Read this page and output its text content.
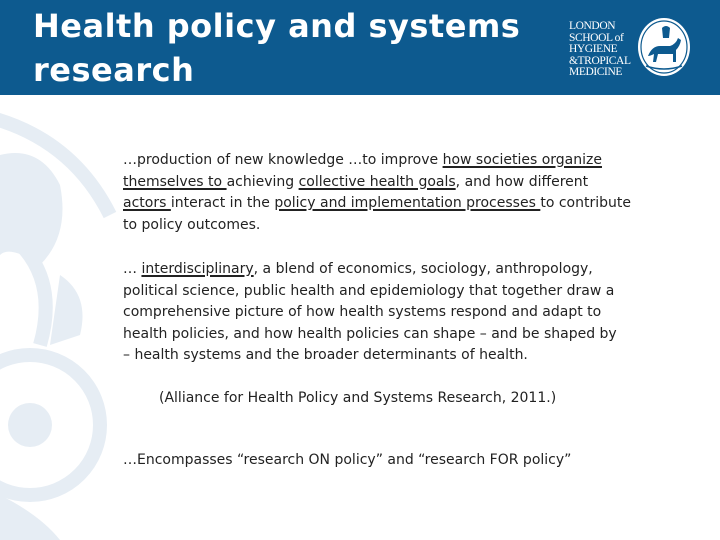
Health policy and systems research
LONDON
SCHOOL of
HYGIENE
&TROPICAL
MEDICINE

…production of new knowledge …to improve how societies organize themselves to achieving collective health goals, and how different actors interact in the policy and implementation processes to contribute to policy outcomes.

… interdisciplinary, a blend of economics, sociology, anthropology, political science, public health and epidemiology that together draw a comprehensive picture of how health systems respond and adapt to health policies, and how health policies can shape – and be shaped by – health systems and the broader determinants of health.

(Alliance for Health Policy and Systems Research, 2011.)

…Encompasses “research ON policy” and “research FOR policy”
